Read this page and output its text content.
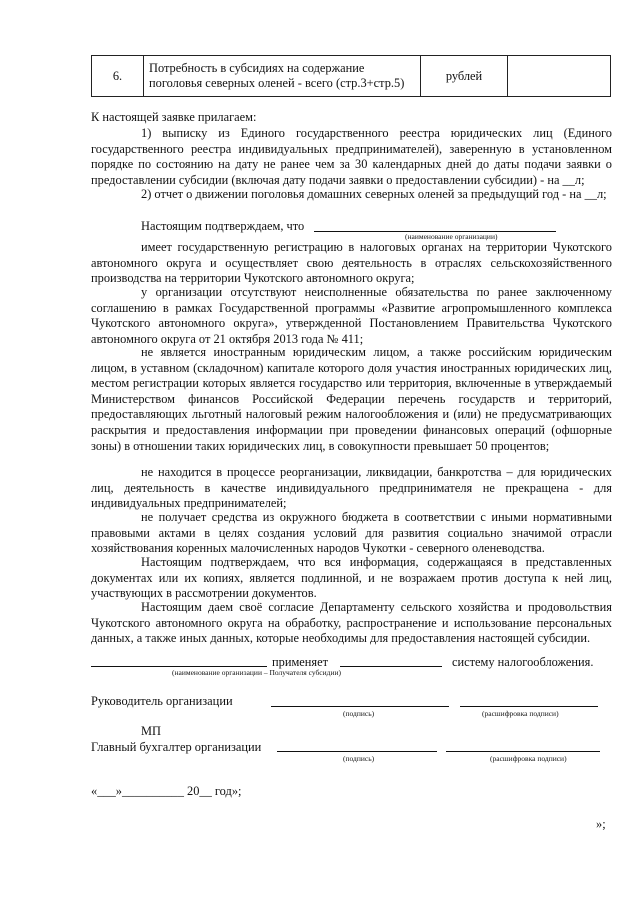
6.	Потребность в субсидиях на содержание поголовья северных оленей - всего (стр.3+стр.5)	рублей	
К настоящей заявке прилагаем:
1) выписку из Единого государственного реестра юридических лиц (Единого государственного реестра индивидуальных предпринимателей), заверенную в установленном порядке по состоянию на дату не ранее чем за 30 календарных дней до даты подачи заявки о предоставлении субсидии (включая дату подачи заявки о предоставлении субсидии) - на __л;
2) отчет о движении поголовья домашних северных оленей за предыдущий год - на __л;
Настоящим подтверждаем, что
(наименование организации)
имеет государственную регистрацию в налоговых органах на территории Чукотского автономного округа и осуществляет свою деятельность в отраслях сельскохозяйственного производства на территории Чукотского автономного округа;
у организации отсутствуют неисполненные обязательства по ранее заключенному соглашению в рамках Государственной программы «Развитие агропромышленного комплекса Чукотского автономного округа», утвержденной Постановлением Правительства Чукотского автономного округа от 21 октября 2013 года № 411;
не является иностранным юридическим лицом, а также российским юридическим лицом, в уставном (складочном) капитале которого доля участия иностранных юридических лиц, местом регистрации которых является государство или территория, включенные в утверждаемый Министерством финансов Российской Федерации перечень государств и территорий, предоставляющих льготный налоговый режим налогообложения и (или) не предусматривающих раскрытия и предоставления информации при проведении финансовых операций (офшорные зоны) в отношении таких юридических лиц, в совокупности превышает 50 процентов;
не находится в процессе реорганизации, ликвидации, банкротства – для юридических лиц, деятельность в качестве индивидуального предпринимателя не прекращена - для индивидуальных предпринимателей;
не получает средства из окружного бюджета в соответствии с иными нормативными правовыми актами в целях создания условий для развития социально значимой отрасли хозяйствования коренных малочисленных народов Чукотки - северного оленеводства.
Настоящим подтверждаем, что вся информация, содержащаяся в представленных документах или их копиях, является подлинной, и не возражаем против доступа к ней лиц, участвующих в рассмотрении документов.
Настоящим даем своё согласие Департаменту сельского хозяйства и продовольствия Чукотского автономного округа на обработку, распространение и использование персональных данных, а также иных данных, которые необходимы для предоставления настоящей субсидии.
применяет	систему налогообложения.
(наименование организации – Получателя субсидии)
Руководитель организации
(подпись)	(расшифровка подписи)
МП
Главный бухгалтер организации
(подпись)	(расшифровка подписи)
«___»__________ 20__ год»;
»;
